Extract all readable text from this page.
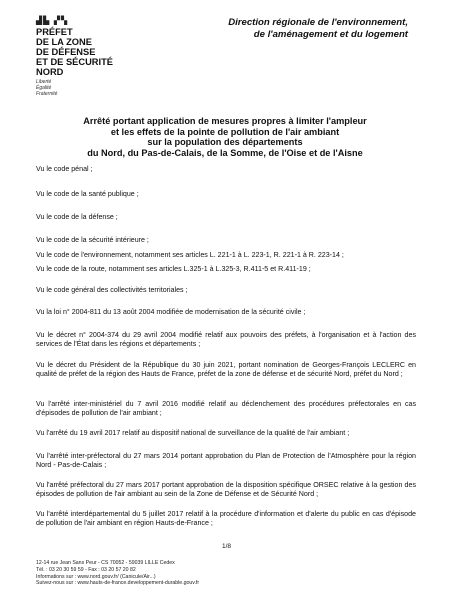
▟▙ ▞▚
PRÉFET
DE LA ZONE
DE DÉFENSE
ET DE SÉCURITÉ
NORD
Liberté
Égalité
Fraternité
Direction régionale de l'environnement,
de l'aménagement et du logement
Arrêté portant application de mesures propres à limiter l'ampleur
et les effets de la pointe de pollution de l'air ambiant
sur la population des départements
du Nord, du Pas-de-Calais, de la Somme, de l'Oise et de l'Aisne

Vu le code pénal ;

Vu le code de la santé publique ;

Vu le code de la défense ;

Vu le code de la sécurité intérieure ;

Vu le code de l'environnement, notamment ses articles L. 221-1 à L. 223-1, R. 221-1 à R. 223-14 ;

Vu le code de la route, notamment ses articles L.325-1 à L.325-3, R.411-5 et R.411-19 ;

Vu le code général des collectivités territoriales ;

Vu la loi n° 2004-811 du 13 août 2004 modifiée de modernisation de la sécurité civile ;

Vu le décret n° 2004-374 du 29 avril 2004 modifié relatif aux pouvoirs des préfets, à l'organisation et à l'action des services de l'État dans les régions et départements ;

Vu le décret du Président de la République du 30 juin 2021, portant nomination de Georges-François LECLERC en qualité de préfet de la région des Hauts de France, préfet de la zone de défense et de sécurité Nord, préfet du Nord ;

Vu l'arrêté inter-ministériel du 7 avril 2016 modifié relatif au déclenchement des procédures préfectorales en cas d'épisodes de pollution de l'air ambiant ;

Vu l'arrêté du 19 avril 2017 relatif au dispositif national de surveillance de la qualité de l'air ambiant ;

Vu l'arrêté inter-préfectoral du 27 mars 2014 portant approbation du Plan de Protection de l'Atmosphère pour la région Nord - Pas-de-Calais ;

Vu l'arrêté préfectoral du 27 mars 2017 portant approbation de la disposition spécifique ORSEC relative à la gestion des épisodes de pollution de l'air ambiant au sein de la Zone de Défense et de Sécurité Nord ;

Vu l'arrêté interdépartemental du 5 juillet 2017 relatif à la procédure d'information et d'alerte du public en cas d'épisode de pollution de l'air ambiant en région Hauts-de-France ;

1/8
12-14 rue Jean Sans Peur - CS 70052 - 59039 LILLE Cedex
Tél. : 03 20 30 59 59 - Fax : 03 20 57 20 82
Informations sur : www.nord.gouv.fr/ (Canicule/Air...)
Suivez-nous sur : www.hauts-de-france.developpement-durable.gouv.fr
